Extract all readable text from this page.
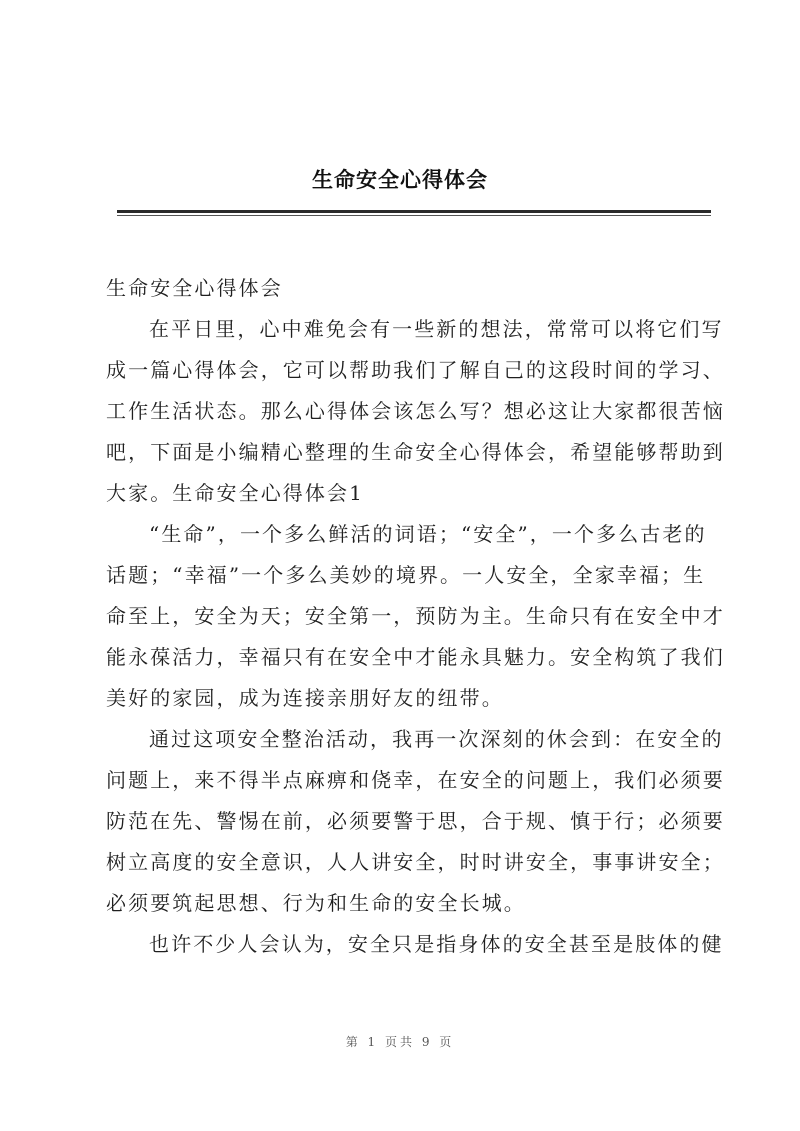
生命安全心得体会
生命安全心得体会
在平日里，心中难免会有一些新的想法，常常可以将它们写
成一篇心得体会，它可以帮助我们了解自己的这段时间的学习、
工作生活状态。那么心得体会该怎么写？想必这让大家都很苦恼
吧，下面是小编精心整理的生命安全心得体会，希望能够帮助到
大家。生命安全心得体会1
“生命”，一个多么鲜活的词语；“安全”，一个多么古老的
话题；“幸福”一个多么美妙的境界。一人安全，全家幸福；生
命至上，安全为天；安全第一，预防为主。生命只有在安全中才
能永葆活力，幸福只有在安全中才能永具魅力。安全构筑了我们
美好的家园，成为连接亲朋好友的纽带。
通过这项安全整治活动，我再一次深刻的休会到：在安全的
问题上，来不得半点麻痹和侥幸，在安全的问题上，我们必须要
防范在先、警惕在前，必须要警于思，合于规、慎于行；必须要
树立高度的安全意识，人人讲安全，时时讲安全，事事讲安全；
必须要筑起思想、行为和生命的安全长城。
也许不少人会认为，安全只是指身体的安全甚至是肢体的健
第 1 页共 9 页
